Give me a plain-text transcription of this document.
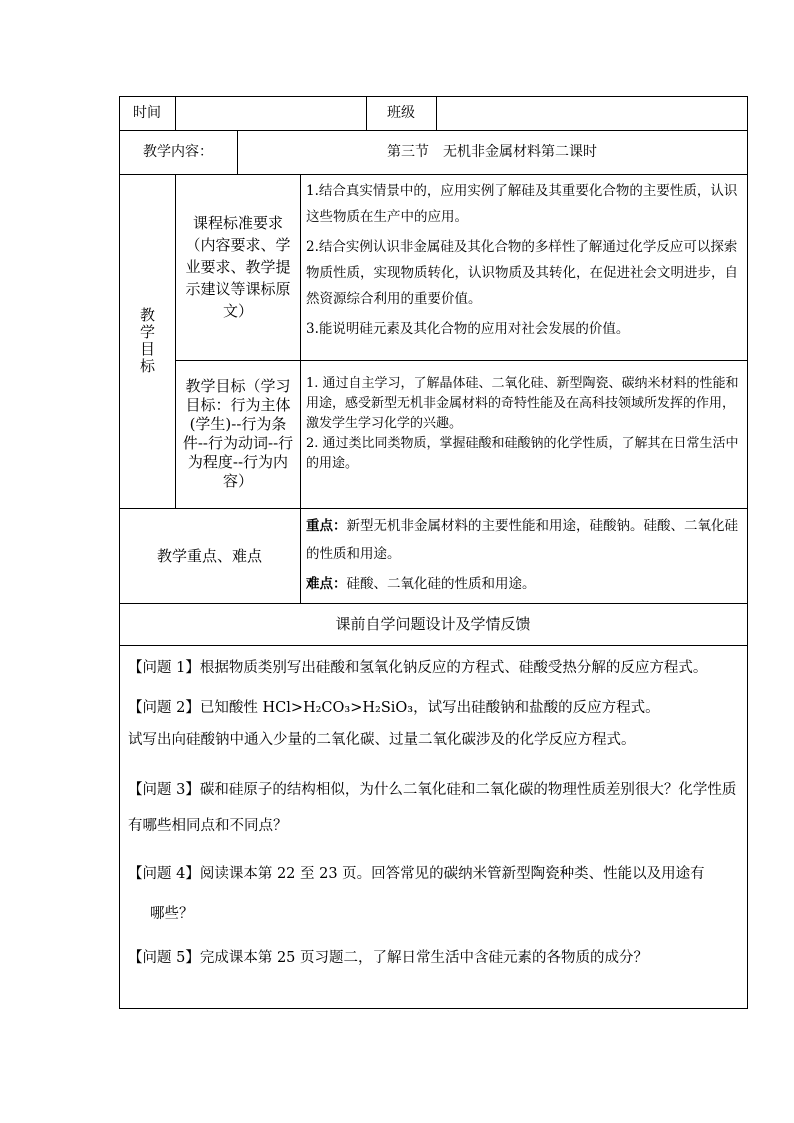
时间	班级
教学内容：	第三节　无机非金属材料第二课时
教学目标
课程标准要求（内容要求、学业要求、教学提示建议等课标原文）
1.结合真实情景中的，应用实例了解硅及其重要化合物的主要性质，认识这些物质在生产中的应用。
2.结合实例认识非金属硅及其化合物的多样性了解通过化学反应可以探索物质性质，实现物质转化，认识物质及其转化，在促进社会文明进步，自然资源综合利用的重要价值。
3.能说明硅元素及其化合物的应用对社会发展的价值。
教学目标（学习目标：行为主体(学生)--行为条件--行为动词--行为程度--行为内容）
1. 通过自主学习，了解晶体硅、二氧化硅、新型陶瓷、碳纳米材料的性能和用途，感受新型无机非金属材料的奇特性能及在高科技领域所发挥的作用，激发学生学习化学的兴趣。
2. 通过类比同类物质，掌握硅酸和硅酸钠的化学性质，了解其在日常生活中的用途。
教学重点、难点
重点：新型无机非金属材料的主要性能和用途，硅酸钠。硅酸、二氧化硅的性质和用途。
难点：硅酸、二氧化硅的性质和用途。
课前自学问题设计及学情反馈
【问题 1】根据物质类别写出硅酸和氢氧化钠反应的方程式、硅酸受热分解的反应方程式。
【问题 2】已知酸性 HCl>H₂CO₃>H₂SiO₃，试写出硅酸钠和盐酸的反应方程式。
试写出向硅酸钠中通入少量的二氧化碳、过量二氧化碳涉及的化学反应方程式。
【问题 3】碳和硅原子的结构相似，为什么二氧化硅和二氧化碳的物理性质差别很大？化学性质有哪些相同点和不同点？
【问题 4】阅读课本第 22 至 23 页。回答常见的碳纳米管新型陶瓷种类、性能以及用途有
哪些？
【问题 5】完成课本第 25 页习题二，了解日常生活中含硅元素的各物质的成分？
